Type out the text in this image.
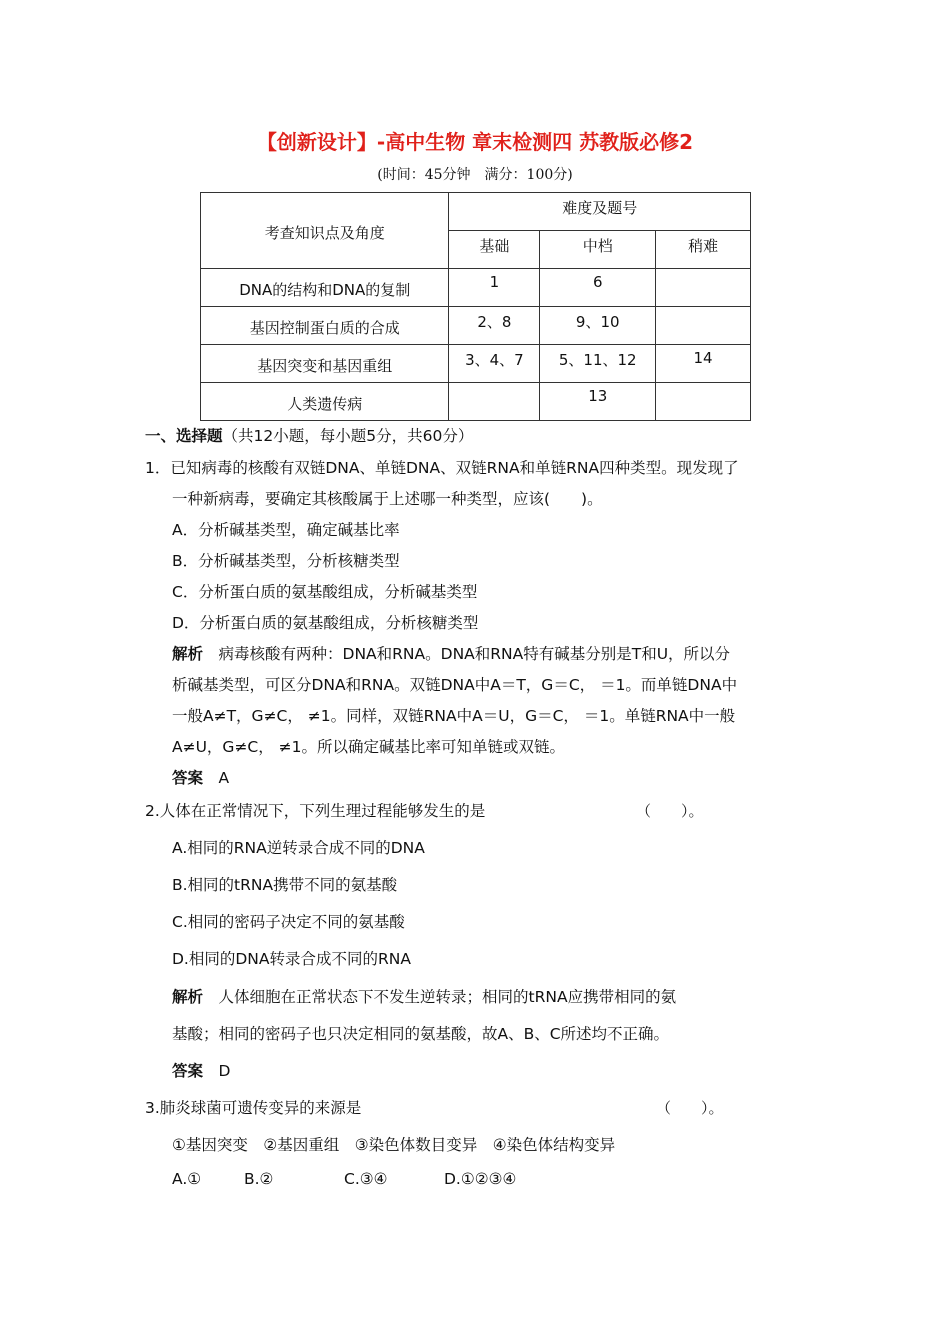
【创新设计】-高中生物 章末检测四 苏教版必修2
(时间：45分钟　满分：100分)
考查知识点及角度	难度及题号		
	基础	中档	稍难
DNA的结构和DNA的复制	1	6	
基因控制蛋白质的合成	2、8	9、10	
基因突变和基因重组	3、4、7	5、11、12	14
人类遗传病		13	
一、选择题（共12小题，每小题5分，共60分）
1．已知病毒的核酸有双链DNA、单链DNA、双链RNA和单链RNA四种类型。现发现了
一种新病毒，要确定其核酸属于上述哪一种类型，应该(　　)。
A．分析碱基类型，确定碱基比率
B．分析碱基类型，分析核糖类型
C．分析蛋白质的氨基酸组成，分析碱基类型
D．分析蛋白质的氨基酸组成，分析核糖类型
解析　 病毒核酸有两种：DNA和RNA。DNA和RNA特有碱基分别是T和U，所以分
析碱基类型，可区分DNA和RNA。双链DNA中A＝T，G＝C， ＝1。而单链DNA中
一般A≠T，G≠C， ≠1。同样，双链RNA中A＝U，G＝C， ＝1。单链RNA中一般
A≠U，G≠C， ≠1。所以确定碱基比率可知单链或双链。
答案　 A
2.人体在正常情况下，下列生理过程能够发生的是	（　　）。
A.相同的RNA逆转录合成不同的DNA
B.相同的tRNA携带不同的氨基酸
C.相同的密码子决定不同的氨基酸
D.相同的DNA转录合成不同的RNA
解析　 人体细胞在正常状态下不发生逆转录；相同的tRNA应携带相同的氨
基酸；相同的密码子也只决定相同的氨基酸，故A、B、C所述均不正确。
答案　 D
3.肺炎球菌可遗传变异的来源是	（　　）。
①基因突变　②基因重组　③染色体数目变异　④染色体结构变异
A.①	B.②	C.③④	D.①②③④
